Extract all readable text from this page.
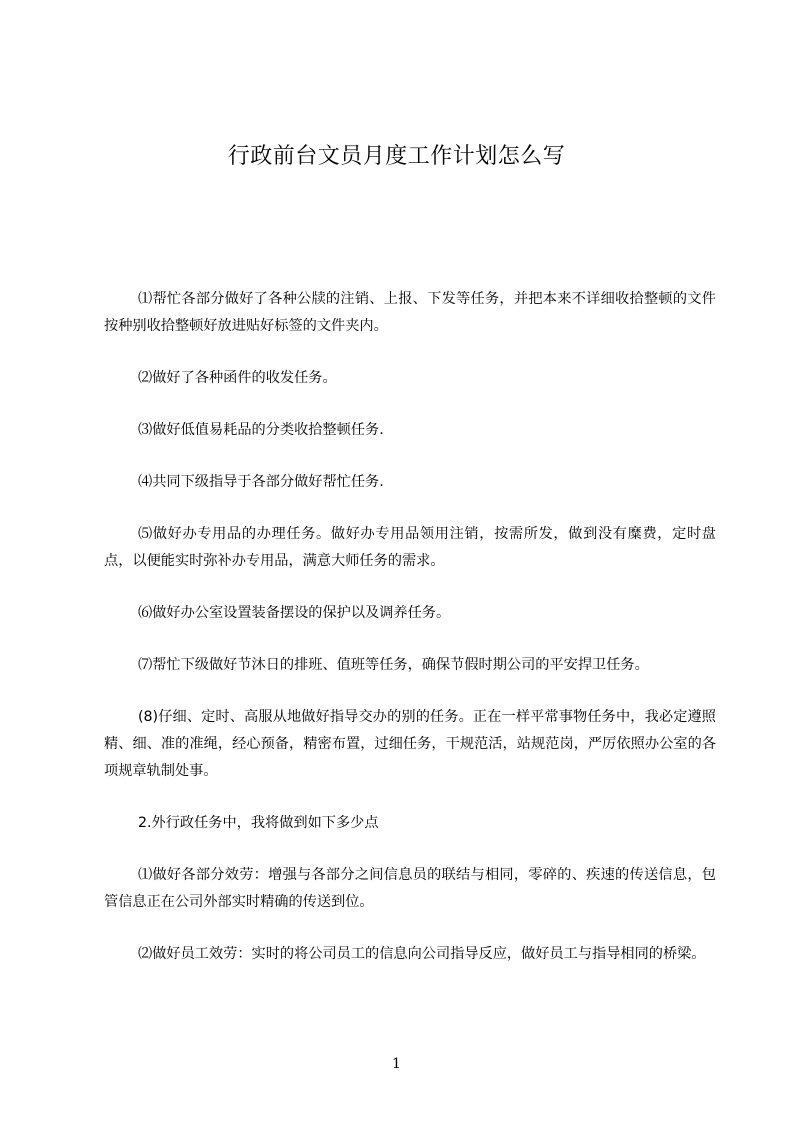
行政前台文员月度工作计划怎么写

⑴帮忙各部分做好了各种公牍的注销、上报、下发等任务，并把本来不详细收拾整顿的文件按种别收拾整顿好放进贴好标签的文件夹内。

⑵做好了各种函件的收发任务。

⑶做好低值易耗品的分类收拾整顿任务.

⑷共同下级指导于各部分做好帮忙任务.

⑸做好办专用品的办理任务。做好办专用品领用注销，按需所发，做到没有糜费，定时盘点，以便能实时弥补办专用品，满意大师任务的需求。

⑹做好办公室设置装备摆设的保护以及调养任务。

⑺帮忙下级做好节沐日的排班、值班等任务，确保节假时期公司的平安捍卫任务。

(8)仔细、定时、高服从地做好指导交办的别的任务。正在一样平常事物任务中，我必定遵照精、细、准的准绳，经心预备，精密布置，过细任务，干规范活，站规范岗，严厉依照办公室的各项规章轨制处事。

2.外行政任务中，我将做到如下多少点

⑴做好各部分效劳：增强与各部分之间信息员的联结与相同，零碎的、疾速的传送信息，包管信息正在公司外部实时精确的传送到位。

⑵做好员工效劳：实时的将公司员工的信息向公司指导反应，做好员工与指导相同的桥梁。

1
